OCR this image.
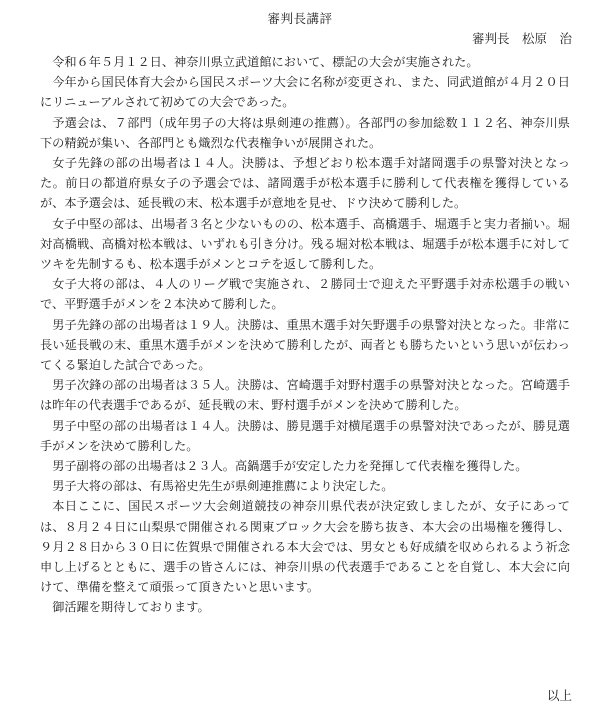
審判長講評
審判長　松原　治

令和６年５月１２日、神奈川県立武道館において、標記の大会が実施された。

今年から国民体育大会から国民スポーツ大会に名称が変更され、また、同武道館が４月２０日にリニューアルされて初めての大会であった。

予選会は、７部門（成年男子の大将は県剣連の推薦）。各部門の参加総数１１２名、神奈川県下の精鋭が集い、各部門とも熾烈な代表権争いが展開された。

女子先鋒の部の出場者は１４人。決勝は、予想どおり松本選手対諸岡選手の県警対決となった。前日の都道府県女子の予選会では、諸岡選手が松本選手に勝利して代表権を獲得しているが、本予選会は、延長戦の末、松本選手が意地を見せ、ドウ決めて勝利した。

女子中堅の部は、出場者３名と少ないものの、松本選手、高橋選手、堀選手と実力者揃い。堀対高橋戦、高橋対松本戦は、いずれも引き分け。残る堀対松本戦は、堀選手が松本選手に対してツキを先制するも、松本選手がメンとコテを返して勝利した。

女子大将の部は、４人のリーグ戦で実施され、２勝同士で迎えた平野選手対赤松選手の戦いで、平野選手がメンを２本決めて勝利した。

男子先鋒の部の出場者は１９人。決勝は、重黒木選手対矢野選手の県警対決となった。非常に長い延長戦の末、重黒木選手がメンを決めて勝利したが、両者とも勝ちたいという思いが伝わってくる緊迫した試合であった。

男子次鋒の部の出場者は３５人。決勝は、宮崎選手対野村選手の県警対決となった。宮崎選手は昨年の代表選手であるが、延長戦の末、野村選手がメンを決めて勝利した。

男子中堅の部の出場者は１４人。決勝は、勝見選手対横尾選手の県警対決であったが、勝見選手がメンを決めて勝利した。

男子副将の部の出場者は２３人。高鍋選手が安定した力を発揮して代表権を獲得した。

男子大将の部は、有馬裕史先生が県剣連推薦により決定した。

本日ここに、国民スポーツ大会剣道競技の神奈川県代表が決定致しましたが、女子にあっては、８月２４日に山梨県で開催される関東ブロック大会を勝ち抜き、本大会の出場権を獲得し、９月２８日から３０日に佐賀県で開催される本大会では、男女とも好成績を収められるよう祈念申し上げるとともに、選手の皆さんには、神奈川県の代表選手であることを自覚し、本大会に向けて、準備を整えて頑張って頂きたいと思います。

御活躍を期待しております。

以上
